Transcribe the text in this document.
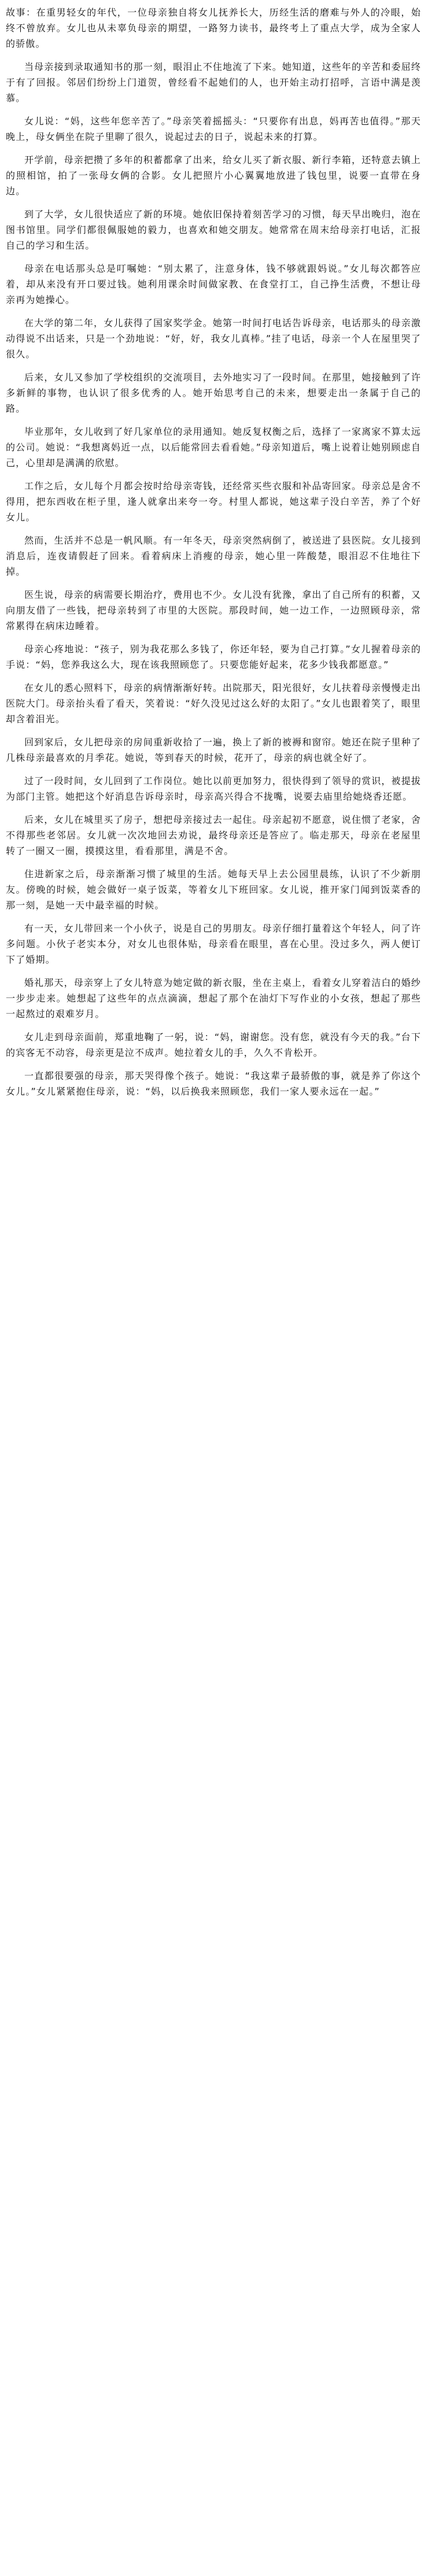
故事：在重男轻女的年代，一位母亲独自将女儿抚养长大，历经生活的磨难与外人的冷眼，始终不曾放弃。女儿也从未辜负母亲的期望，一路努力读书，最终考上了重点大学，成为全家人的骄傲。

当母亲接到录取通知书的那一刻，眼泪止不住地流了下来。她知道，这些年的辛苦和委屈终于有了回报。邻居们纷纷上门道贺，曾经看不起她们的人，也开始主动打招呼，言语中满是羡慕。

女儿说：“妈，这些年您辛苦了。”母亲笑着摇摇头：“只要你有出息，妈再苦也值得。”那天晚上，母女俩坐在院子里聊了很久，说起过去的日子，说起未来的打算。

开学前，母亲把攒了多年的积蓄都拿了出来，给女儿买了新衣服、新行李箱，还特意去镇上的照相馆，拍了一张母女俩的合影。女儿把照片小心翼翼地放进了钱包里，说要一直带在身边。

到了大学，女儿很快适应了新的环境。她依旧保持着刻苦学习的习惯，每天早出晚归，泡在图书馆里。同学们都很佩服她的毅力，也喜欢和她交朋友。她常常在周末给母亲打电话，汇报自己的学习和生活。

母亲在电话那头总是叮嘱她：“别太累了，注意身体，钱不够就跟妈说。”女儿每次都答应着，却从来没有开口要过钱。她利用课余时间做家教、在食堂打工，自己挣生活费，不想让母亲再为她操心。

在大学的第二年，女儿获得了国家奖学金。她第一时间打电话告诉母亲，电话那头的母亲激动得说不出话来，只是一个劲地说：“好，好，我女儿真棒。”挂了电话，母亲一个人在屋里哭了很久。

后来，女儿又参加了学校组织的交流项目，去外地实习了一段时间。在那里，她接触到了许多新鲜的事物，也认识了很多优秀的人。她开始思考自己的未来，想要走出一条属于自己的路。

毕业那年，女儿收到了好几家单位的录用通知。她反复权衡之后，选择了一家离家不算太远的公司。她说：“我想离妈近一点，以后能常回去看看她。”母亲知道后，嘴上说着让她别顾虑自己，心里却是满满的欣慰。

工作之后，女儿每个月都会按时给母亲寄钱，还经常买些衣服和补品寄回家。母亲总是舍不得用，把东西收在柜子里，逢人就拿出来夸一夸。村里人都说，她这辈子没白辛苦，养了个好女儿。

然而，生活并不总是一帆风顺。有一年冬天，母亲突然病倒了，被送进了县医院。女儿接到消息后，连夜请假赶了回来。看着病床上消瘦的母亲，她心里一阵酸楚，眼泪忍不住地往下掉。

医生说，母亲的病需要长期治疗，费用也不少。女儿没有犹豫，拿出了自己所有的积蓄，又向朋友借了一些钱，把母亲转到了市里的大医院。那段时间，她一边工作，一边照顾母亲，常常累得在病床边睡着。

母亲心疼地说：“孩子，别为我花那么多钱了，你还年轻，要为自己打算。”女儿握着母亲的手说：“妈，您养我这么大，现在该我照顾您了。只要您能好起来，花多少钱我都愿意。”

在女儿的悉心照料下，母亲的病情渐渐好转。出院那天，阳光很好，女儿扶着母亲慢慢走出医院大门。母亲抬头看了看天，笑着说：“好久没见过这么好的太阳了。”女儿也跟着笑了，眼里却含着泪光。

回到家后，女儿把母亲的房间重新收拾了一遍，换上了新的被褥和窗帘。她还在院子里种了几株母亲最喜欢的月季花。她说，等到春天的时候，花开了，母亲的病也就全好了。

过了一段时间，女儿回到了工作岗位。她比以前更加努力，很快得到了领导的赏识，被提拔为部门主管。她把这个好消息告诉母亲时，母亲高兴得合不拢嘴，说要去庙里给她烧香还愿。

后来，女儿在城里买了房子，想把母亲接过去一起住。母亲起初不愿意，说住惯了老家，舍不得那些老邻居。女儿就一次次地回去劝说，最终母亲还是答应了。临走那天，母亲在老屋里转了一圈又一圈，摸摸这里，看看那里，满是不舍。

住进新家之后，母亲渐渐习惯了城里的生活。她每天早上去公园里晨练，认识了不少新朋友。傍晚的时候，她会做好一桌子饭菜，等着女儿下班回家。女儿说，推开家门闻到饭菜香的那一刻，是她一天中最幸福的时候。

有一天，女儿带回来一个小伙子，说是自己的男朋友。母亲仔细打量着这个年轻人，问了许多问题。小伙子老实本分，对女儿也很体贴，母亲看在眼里，喜在心里。没过多久，两人便订下了婚期。

婚礼那天，母亲穿上了女儿特意为她定做的新衣服，坐在主桌上，看着女儿穿着洁白的婚纱一步步走来。她想起了这些年的点点滴滴，想起了那个在油灯下写作业的小女孩，想起了那些一起熬过的艰难岁月。

女儿走到母亲面前，郑重地鞠了一躬，说：“妈，谢谢您。没有您，就没有今天的我。”台下的宾客无不动容，母亲更是泣不成声。她拉着女儿的手，久久不肯松开。

一直都很要强的母亲，那天哭得像个孩子。她说：“我这辈子最骄傲的事，就是养了你这个女儿。”女儿紧紧抱住母亲，说：“妈，以后换我来照顾您，我们一家人要永远在一起。”
